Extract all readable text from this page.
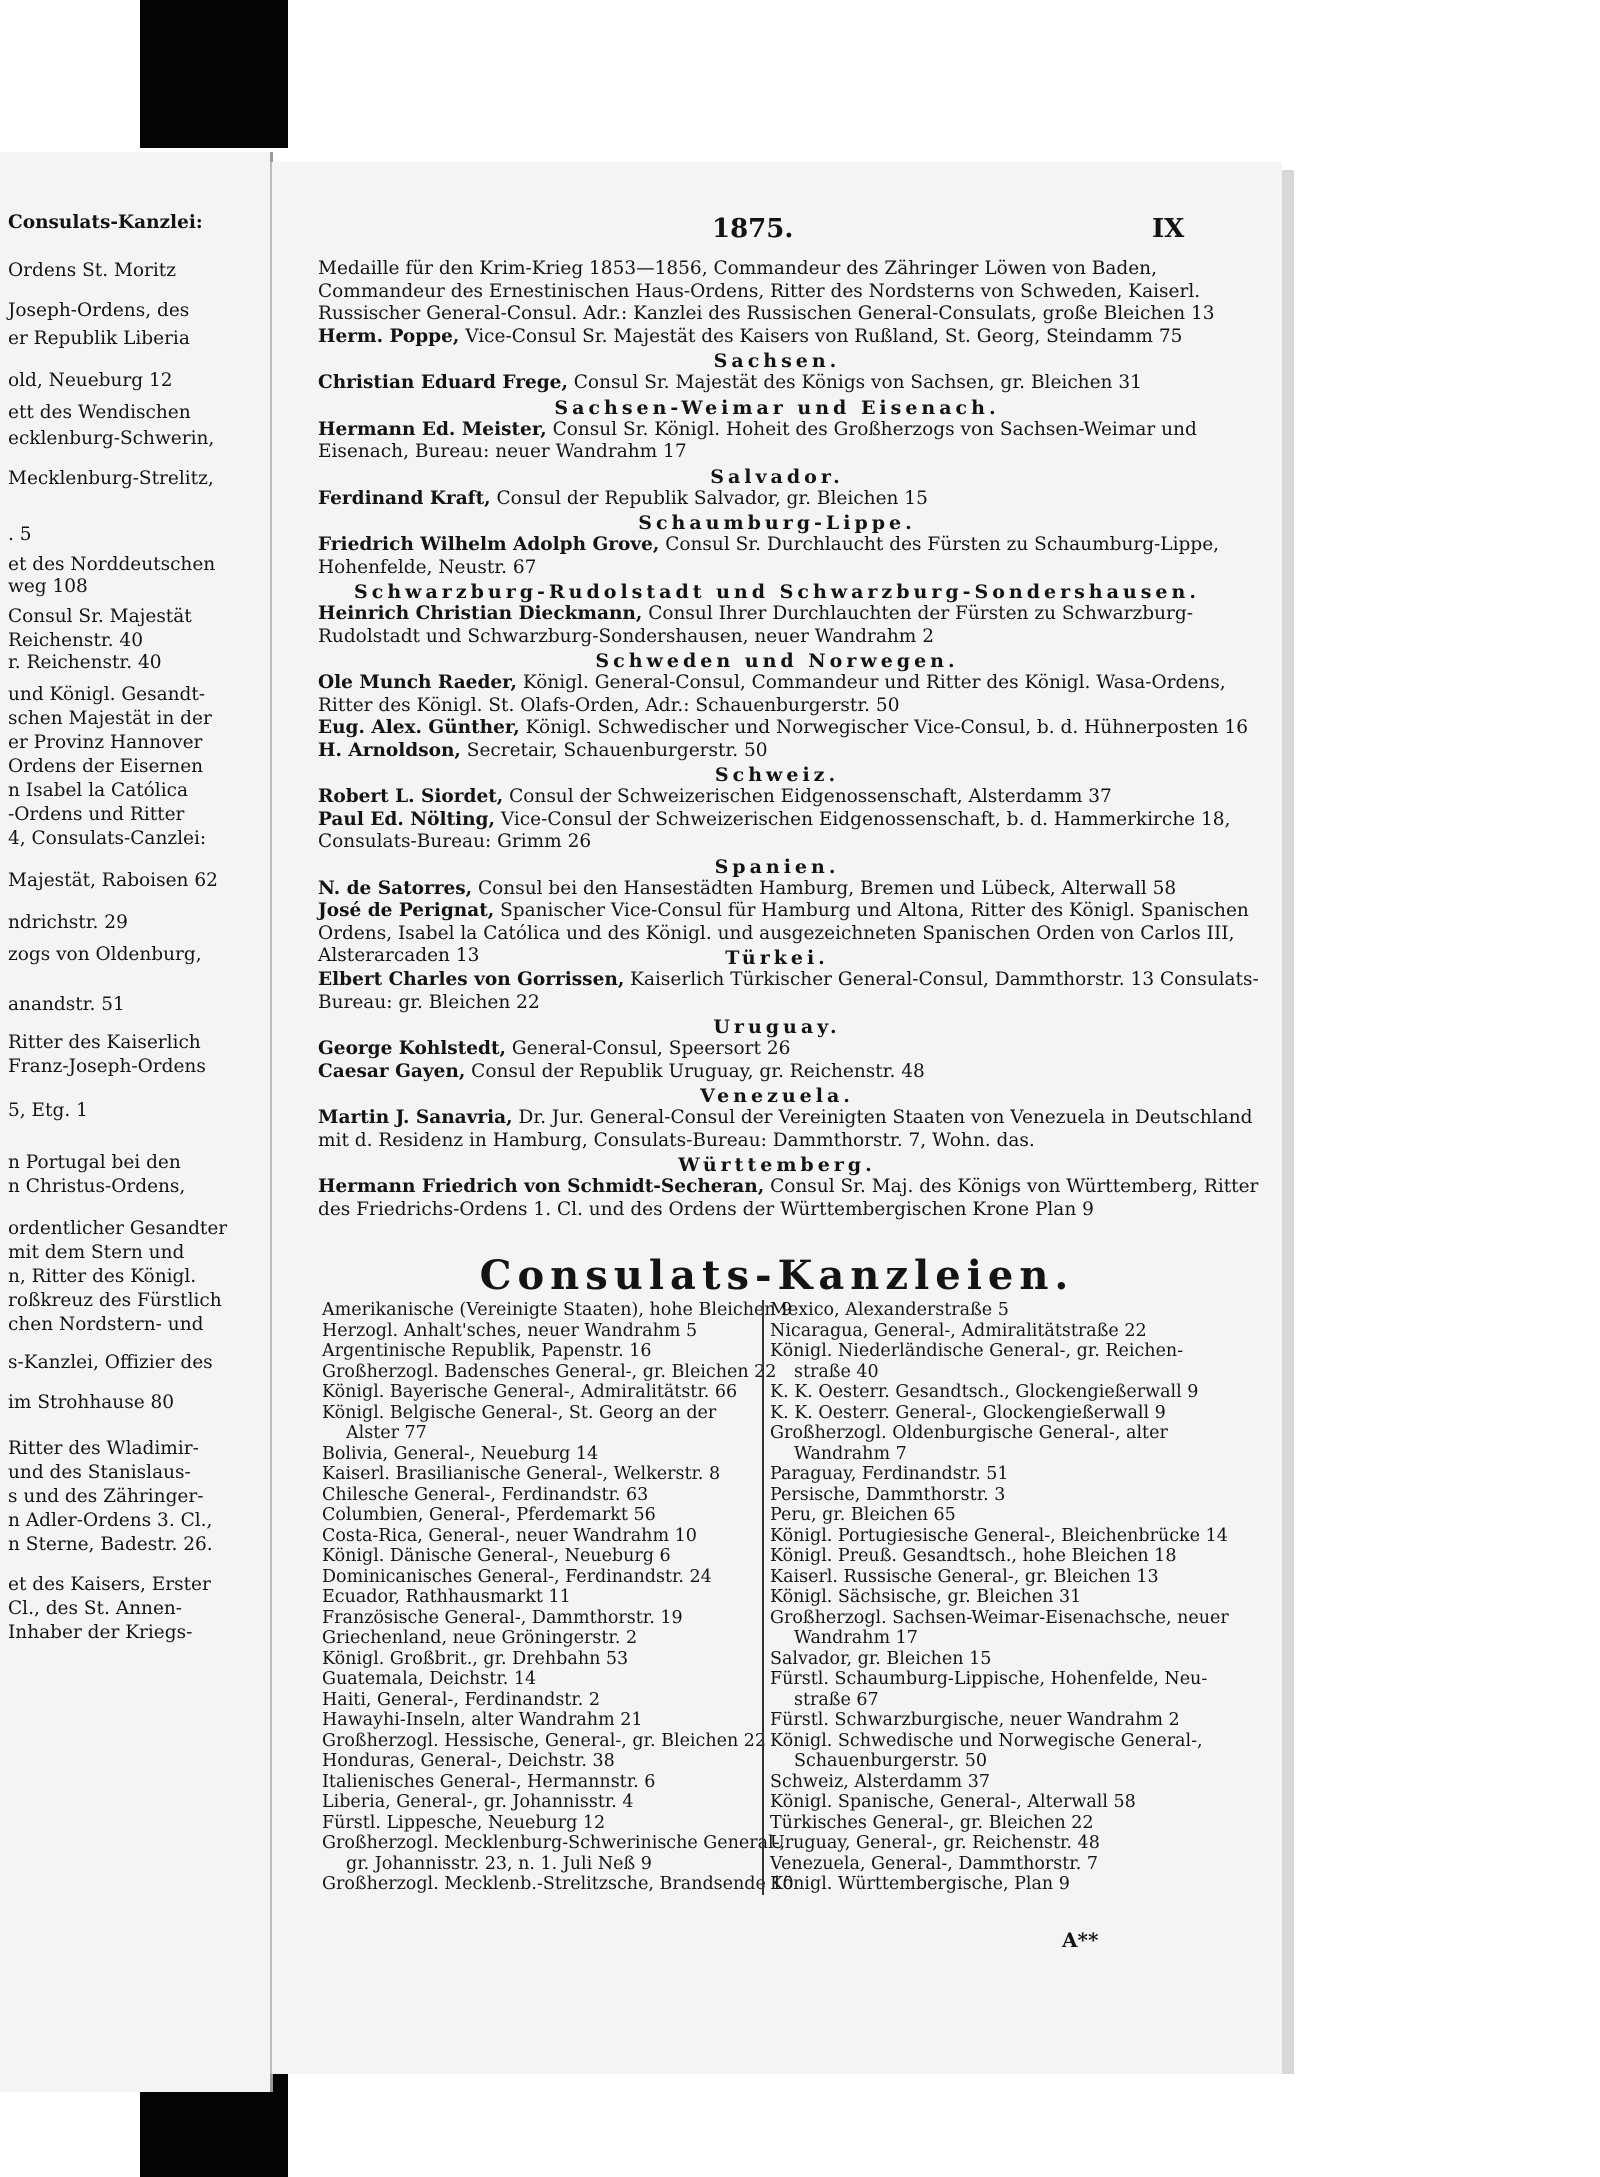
Consulats-Kanzlei:
Ordens St. Moritz
Joseph-Ordens, des
er Republik Liberia
old, Neueburg 12
ett des Wendischen
ecklenburg-Schwerin,
Mecklenburg-Strelitz,
. 5
et des Norddeutschen
weg 108
Consul Sr. Majestät
Reichenstr. 40
r. Reichenstr. 40
und Königl. Gesandt-
schen Majestät in der
er Provinz Hannover
Ordens der Eisernen
n Isabel la Católica
-Ordens und Ritter
4, Consulats-Canzlei:
Majestät, Raboisen 62
ndrichstr. 29
zogs von Oldenburg,
anandstr. 51
Ritter des Kaiserlich
Franz-Joseph-Ordens
5, Etg. 1
n Portugal bei den
n Christus-Ordens,
ordentlicher Gesandter
mit dem Stern und
n, Ritter des Königl.
roßkreuz des Fürstlich
chen Nordstern- und
s-Kanzlei, Offizier des
im Strohhause 80
Ritter des Wladimir-
und des Stanislaus-
s und des Zähringer-
n Adler-Ordens 3. Cl.,
n Sterne, Badestr. 26.
et des Kaisers, Erster
Cl., des St. Annen-
Inhaber der Kriegs-
1875.	IX
Medaille für den Krim-Krieg 1853—1856, Commandeur des Zähringer Löwen von Baden, Commandeur des Ernestinischen Haus-Ordens, Ritter des Nordsterns von Schweden, Kaiserl. Russischer General-Consul. Adr.: Kanzlei des Russischen General-Consulats, große Bleichen 13
Herm. Poppe, Vice-Consul Sr. Majestät des Kaisers von Rußland, St. Georg, Steindamm 75
Sachsen.
Christian Eduard Frege, Consul Sr. Majestät des Königs von Sachsen, gr. Bleichen 31
Sachsen-Weimar und Eisenach.
Hermann Ed. Meister, Consul Sr. Königl. Hoheit des Großherzogs von Sachsen-Weimar und Eisenach, Bureau: neuer Wandrahm 17
Salvador.
Ferdinand Kraft, Consul der Republik Salvador, gr. Bleichen 15
Schaumburg-Lippe.
Friedrich Wilhelm Adolph Grove, Consul Sr. Durchlaucht des Fürsten zu Schaumburg-Lippe, Hohenfelde, Neustr. 67
Schwarzburg-Rudolstadt und Schwarzburg-Sondershausen.
Heinrich Christian Dieckmann, Consul Ihrer Durchlauchten der Fürsten zu Schwarzburg-Rudolstadt und Schwarzburg-Sondershausen, neuer Wandrahm 2
Schweden und Norwegen.
Ole Munch Raeder, Königl. General-Consul, Commandeur und Ritter des Königl. Wasa-Ordens, Ritter des Königl. St. Olafs-Orden, Adr.: Schauenburgerstr. 50
Eug. Alex. Günther, Königl. Schwedischer und Norwegischer Vice-Consul, b. d. Hühnerposten 16
H. Arnoldson, Secretair, Schauenburgerstr. 50
Schweiz.
Robert L. Siordet, Consul der Schweizerischen Eidgenossenschaft, Alsterdamm 37
Paul Ed. Nölting, Vice-Consul der Schweizerischen Eidgenossenschaft, b. d. Hammerkirche 18, Consulats-Bureau: Grimm 26
Spanien.
N. de Satorres, Consul bei den Hansestädten Hamburg, Bremen und Lübeck, Alterwall 58
José de Perignat, Spanischer Vice-Consul für Hamburg und Altona, Ritter des Königl. Spanischen Ordens, Isabel la Católica und des Königl. und ausgezeichneten Spanischen Orden von Carlos III, Alsterarcaden 13	Türkei.
Elbert Charles von Gorrissen, Kaiserlich Türkischer General-Consul, Dammthorstr. 13 Consulats-Bureau: gr. Bleichen 22
Uruguay.
George Kohlstedt, General-Consul, Speersort 26
Caesar Gayen, Consul der Republik Uruguay, gr. Reichenstr. 48
Venezuela.
Martin J. Sanavria, Dr. Jur. General-Consul der Vereinigten Staaten von Venezuela in Deutschland mit d. Residenz in Hamburg, Consulats-Bureau: Dammthorstr. 7, Wohn. das.
Württemberg.
Hermann Friedrich von Schmidt-Secheran, Consul Sr. Maj. des Königs von Württemberg, Ritter des Friedrichs-Ordens 1. Cl. und des Ordens der Württembergischen Krone Plan 9
Consulats-Kanzleien.
Amerikanische (Vereinigte Staaten), hohe Bleichen 9
Herzogl. Anhalt'sches, neuer Wandrahm 5
Argentinische Republik, Papenstr. 16
Großherzogl. Badensches General-, gr. Bleichen 22
Königl. Bayerische General-, Admiralitätstr. 66
Königl. Belgische General-, St. Georg an der
Alster 77
Bolivia, General-, Neueburg 14
Kaiserl. Brasilianische General-, Welkerstr. 8
Chilesche General-, Ferdinandstr. 63
Columbien, General-, Pferdemarkt 56
Costa-Rica, General-, neuer Wandrahm 10
Königl. Dänische General-, Neueburg 6
Dominicanisches General-, Ferdinandstr. 24
Ecuador, Rathhausmarkt 11
Französische General-, Dammthorstr. 19
Griechenland, neue Gröningerstr. 2
Königl. Großbrit., gr. Drehbahn 53
Guatemala, Deichstr. 14
Haiti, General-, Ferdinandstr. 2
Hawayhi-Inseln, alter Wandrahm 21
Großherzogl. Hessische, General-, gr. Bleichen 22
Honduras, General-, Deichstr. 38
Italienisches General-, Hermannstr. 6
Liberia, General-, gr. Johannisstr. 4
Fürstl. Lippesche, Neueburg 12
Großherzogl. Mecklenburg-Schwerinische General-,
gr. Johannisstr. 23, n. 1. Juli Neß 9
Großherzogl. Mecklenb.-Strelitzsche, Brandsende 10
Mexico, Alexanderstraße 5
Nicaragua, General-, Admiralitätstraße 22
Königl. Niederländische General-, gr. Reichen-
straße 40
K. K. Oesterr. Gesandtsch., Glockengießerwall 9
K. K. Oesterr. General-, Glockengießerwall 9
Großherzogl. Oldenburgische General-, alter
Wandrahm 7
Paraguay, Ferdinandstr. 51
Persische, Dammthorstr. 3
Peru, gr. Bleichen 65
Königl. Portugiesische General-, Bleichenbrücke 14
Königl. Preuß. Gesandtsch., hohe Bleichen 18
Kaiserl. Russische General-, gr. Bleichen 13
Königl. Sächsische, gr. Bleichen 31
Großherzogl. Sachsen-Weimar-Eisenachsche, neuer
Wandrahm 17
Salvador, gr. Bleichen 15
Fürstl. Schaumburg-Lippische, Hohenfelde, Neu-
straße 67
Fürstl. Schwarzburgische, neuer Wandrahm 2
Königl. Schwedische und Norwegische General-,
Schauenburgerstr. 50
Schweiz, Alsterdamm 37
Königl. Spanische, General-, Alterwall 58
Türkisches General-, gr. Bleichen 22
Uruguay, General-, gr. Reichenstr. 48
Venezuela, General-, Dammthorstr. 7
Königl. Württembergische, Plan 9
A**
